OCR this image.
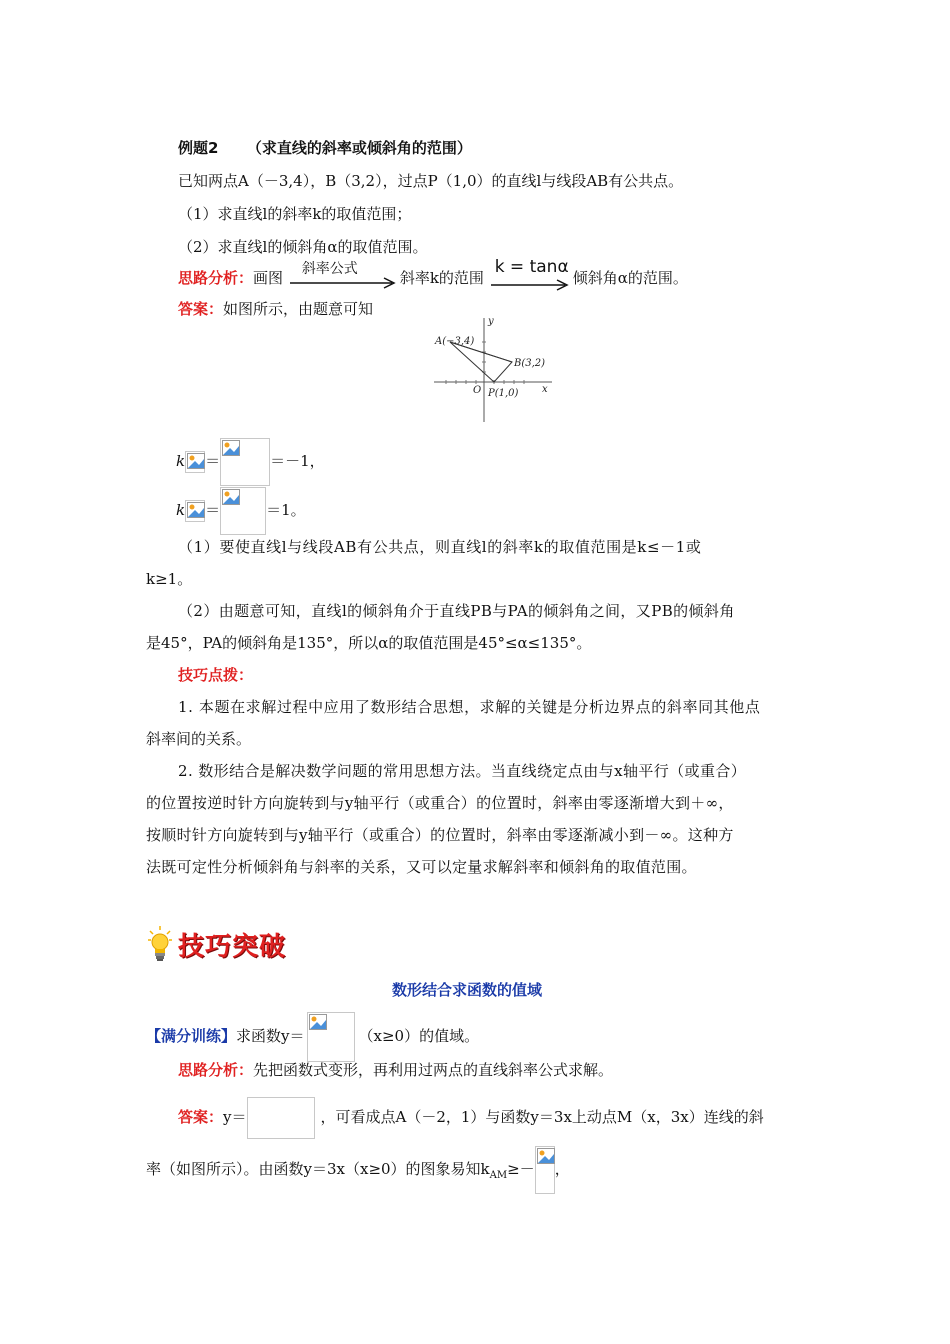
例题2 （求直线的斜率或倾斜角的范围）
已知两点A（－3,4），B（3,2），过点P（1,0）的直线l与线段AB有公共点。
（1）求直线l的斜率k的取值范围；
（2）求直线l的倾斜角α的取值范围。
思路分析：画图 斜率公式	斜率k的范围
k = tanα
倾斜角α的范围。
答案：如图所示，由题意可知
A(−3,4)
B(3,2)
O P(1,0) x
y
k ＝	＝－1，
k ＝	＝1。
（1）要使直线l与线段AB有公共点，则直线l的斜率k的取值范围是k≤－1或
k≥1。
（2）由题意可知，直线l的倾斜角介于直线PB与PA的倾斜角之间，又PB的倾斜角
是45°，PA的倾斜角是135°，所以α的取值范围是45°≤α≤135°。
技巧点拨：
1. 本题在求解过程中应用了数形结合思想，求解的关键是分析边界点的斜率同其他点
斜率间的关系。
2. 数形结合是解决数学问题的常用思想方法。当直线绕定点由与x轴平行（或重合）
的位置按逆时针方向旋转到与y轴平行（或重合）的位置时，斜率由零逐渐增大到＋∞，
按顺时针方向旋转到与y轴平行（或重合）的位置时，斜率由零逐渐减小到－∞。这种方
法既可定性分析倾斜角与斜率的关系，又可以定量求解斜率和倾斜角的取值范围。
技巧突破
数形结合求函数的值域
【满分训练】求函数y＝	（x≥0）的值域。
思路分析：先把函数式变形，再利用过两点的直线斜率公式求解。
答案：y＝	，可看成点A（－2，1）与函数y＝3x上动点M（x，3x）连线的斜
率（如图所示）。由函数y＝3x（x≥0）的图象易知$k_{AM}\ge-$ ，
